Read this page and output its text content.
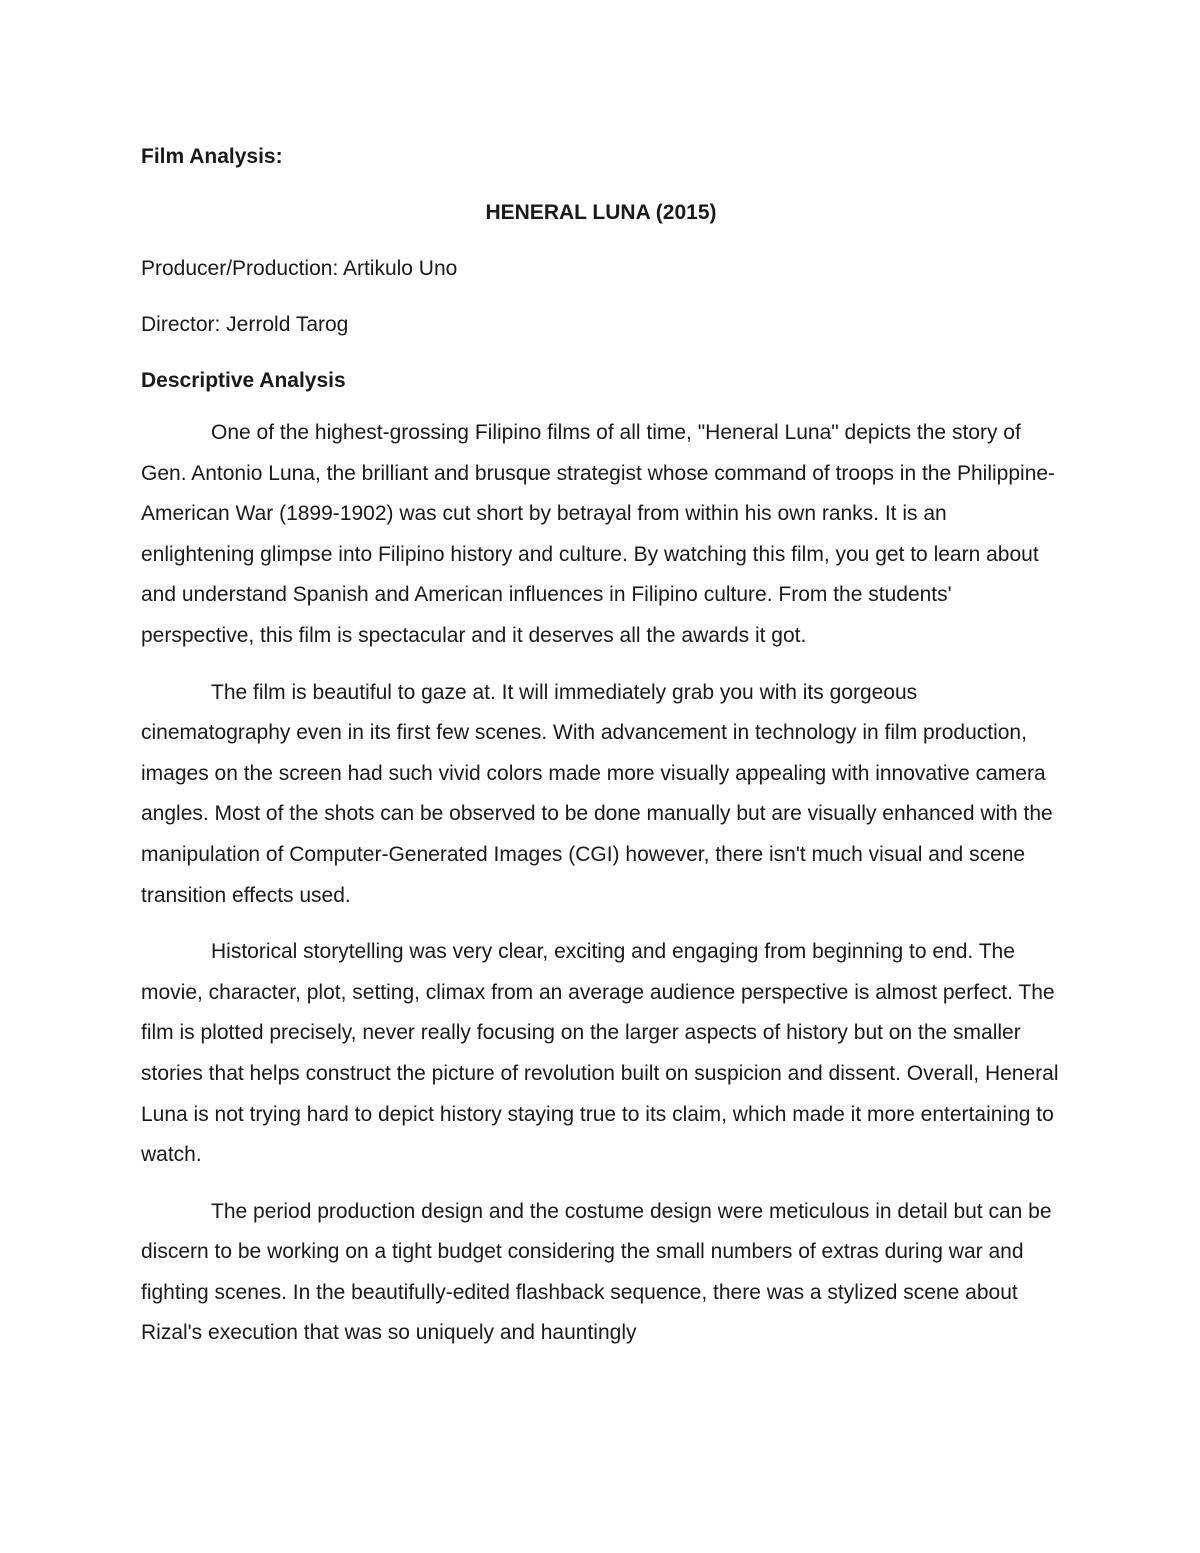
Film Analysis:

HENERAL LUNA (2015)

Producer/Production: Artikulo Uno

Director: Jerrold Tarog

Descriptive Analysis

One of the highest-grossing Filipino films of all time, "Heneral Luna" depicts the story of Gen. Antonio Luna, the brilliant and brusque strategist whose command of troops in the Philippine-American War (1899-1902) was cut short by betrayal from within his own ranks. It is an enlightening glimpse into Filipino history and culture. By watching this film, you get to learn about and understand Spanish and American influences in Filipino culture. From the students' perspective, this film is spectacular and it deserves all the awards it got.

The film is beautiful to gaze at. It will immediately grab you with its gorgeous cinematography even in its first few scenes. With advancement in technology in film production, images on the screen had such vivid colors made more visually appealing with innovative camera angles. Most of the shots can be observed to be done manually but are visually enhanced with the manipulation of Computer-Generated Images (CGI) however, there isn't much visual and scene transition effects used.

Historical storytelling was very clear, exciting and engaging from beginning to end. The movie, character, plot, setting, climax from an average audience perspective is almost perfect. The film is plotted precisely, never really focusing on the larger aspects of history but on the smaller stories that helps construct the picture of revolution built on suspicion and dissent. Overall, Heneral Luna is not trying hard to depict history staying true to its claim, which made it more entertaining to watch.

The period production design and the costume design were meticulous in detail but can be discern to be working on a tight budget considering the small numbers of extras during war and fighting scenes. In the beautifully-edited flashback sequence, there was a stylized scene about Rizal's execution that was so uniquely and hauntingly
